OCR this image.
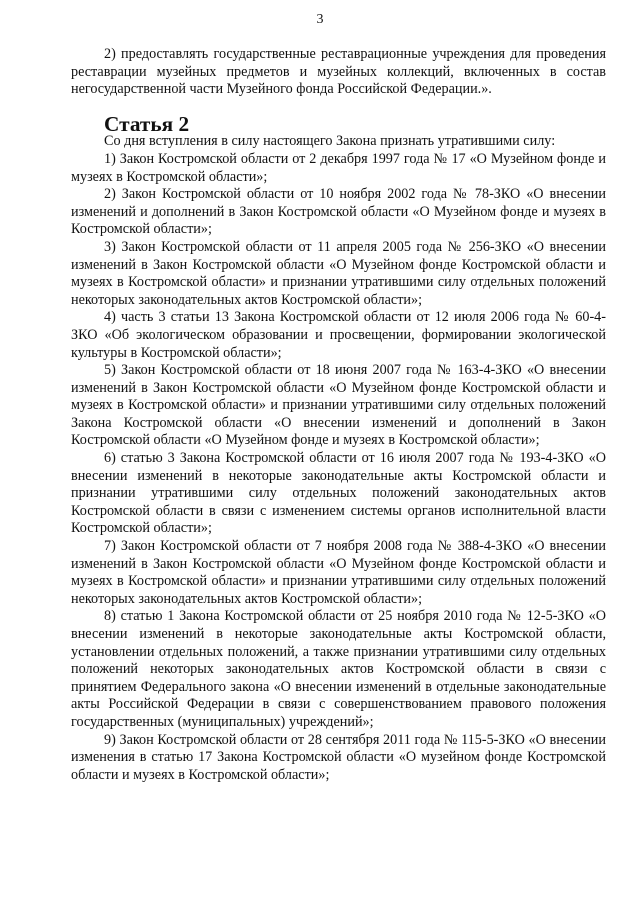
3

2) предоставлять государственные реставрационные учреждения для проведения реставрации музейных предметов и музейных коллекций, включенных в состав негосударственной части Музейного фонда Российской Федерации.».

Статья 2

Со дня вступления в силу настоящего Закона признать утратившими силу:

1) Закон Костромской области от 2 декабря 1997 года № 17 «О Музейном фонде и музеях в Костромской области»;

2) Закон Костромской области от 10 ноября 2002 года № 78-ЗКО «О внесении изменений и дополнений в Закон Костромской области «О Музейном фонде и музеях в Костромской области»;

3) Закон Костромской области от 11 апреля 2005 года № 256-ЗКО «О внесении изменений в Закон Костромской области «О Музейном фонде Костромской области и музеях в Костромской области» и признании утратившими силу отдельных положений некоторых законодательных актов Костромской области»;

4) часть 3 статьи 13 Закона Костромской области от 12 июля 2006 года № 60-4-ЗКО «Об экологическом образовании и просвещении, формировании экологической культуры в Костромской области»;

5) Закон Костромской области от 18 июня 2007 года № 163-4-ЗКО «О внесении изменений в Закон Костромской области «О Музейном фонде Костромской области и музеях в Костромской области» и признании утратившими силу отдельных положений Закона Костромской области «О внесении изменений и дополнений в Закон Костромской области «О Музейном фонде и музеях в Костромской области»;

6) статью 3 Закона Костромской области от 16 июля 2007 года № 193-4-ЗКО «О внесении изменений в некоторые законодательные акты Костромской области и признании утратившими силу отдельных положений законодательных актов Костромской области в связи с изменением системы органов исполнительной власти Костромской области»;

7) Закон Костромской области от 7 ноября 2008 года № 388-4-ЗКО «О внесении изменений в Закон Костромской области «О Музейном фонде Костромской области и музеях в Костромской области» и признании утратившими силу отдельных положений некоторых законодательных актов Костромской области»;

8) статью 1 Закона Костромской области от 25 ноября 2010 года № 12-5-ЗКО «О внесении изменений в некоторые законодательные акты Костромской области, установлении отдельных положений, а также признании утратившими силу отдельных положений некоторых законодательных актов Костромской области в связи с принятием Федерального закона «О внесении изменений в отдельные законодательные акты Российской Федерации в связи с совершенствованием правового положения государственных (муниципальных) учреждений»;

9) Закон Костромской области от 28 сентября 2011 года № 115-5-ЗКО «О внесении изменения в статью 17 Закона Костромской области «О музейном фонде Костромской области и музеях в Костромской области»;
